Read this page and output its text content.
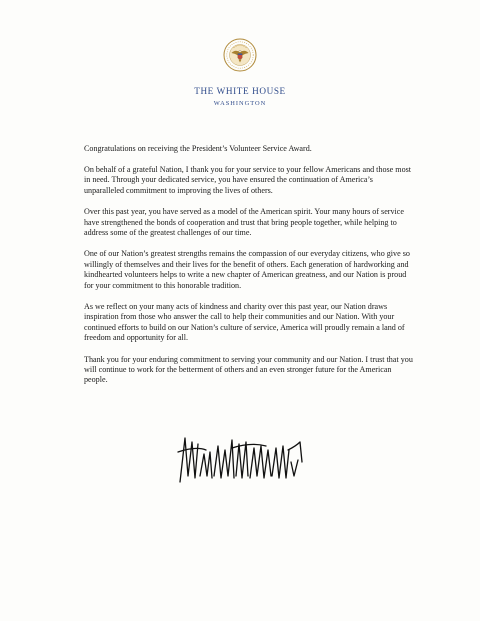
THE WHITE HOUSE
WASHINGTON

Congratulations on receiving the President’s Volunteer Service Award.

On behalf of a grateful Nation, I thank you for your service to your fellow Americans and those most in need. Through your dedicated service, you have ensured the continuation of America’s unparalleled commitment to improving the lives of others.

Over this past year, you have served as a model of the American spirit. Your many hours of service have strengthened the bonds of cooperation and trust that bring people together, while helping to address some of the greatest challenges of our time.

One of our Nation’s greatest strengths remains the compassion of our everyday citizens, who give so willingly of themselves and their lives for the benefit of others. Each generation of hardworking and kindhearted volunteers helps to write a new chapter of American greatness, and our Nation is proud for your commitment to this honorable tradition.

As we reflect on your many acts of kindness and charity over this past year, our Nation draws inspiration from those who answer the call to help their communities and our Nation. With your continued efforts to build on our Nation’s culture of service, America will proudly remain a land of freedom and opportunity for all.

Thank you for your enduring commitment to serving your community and our Nation. I trust that you will continue to work for the betterment of others and an even stronger future for the American people.
